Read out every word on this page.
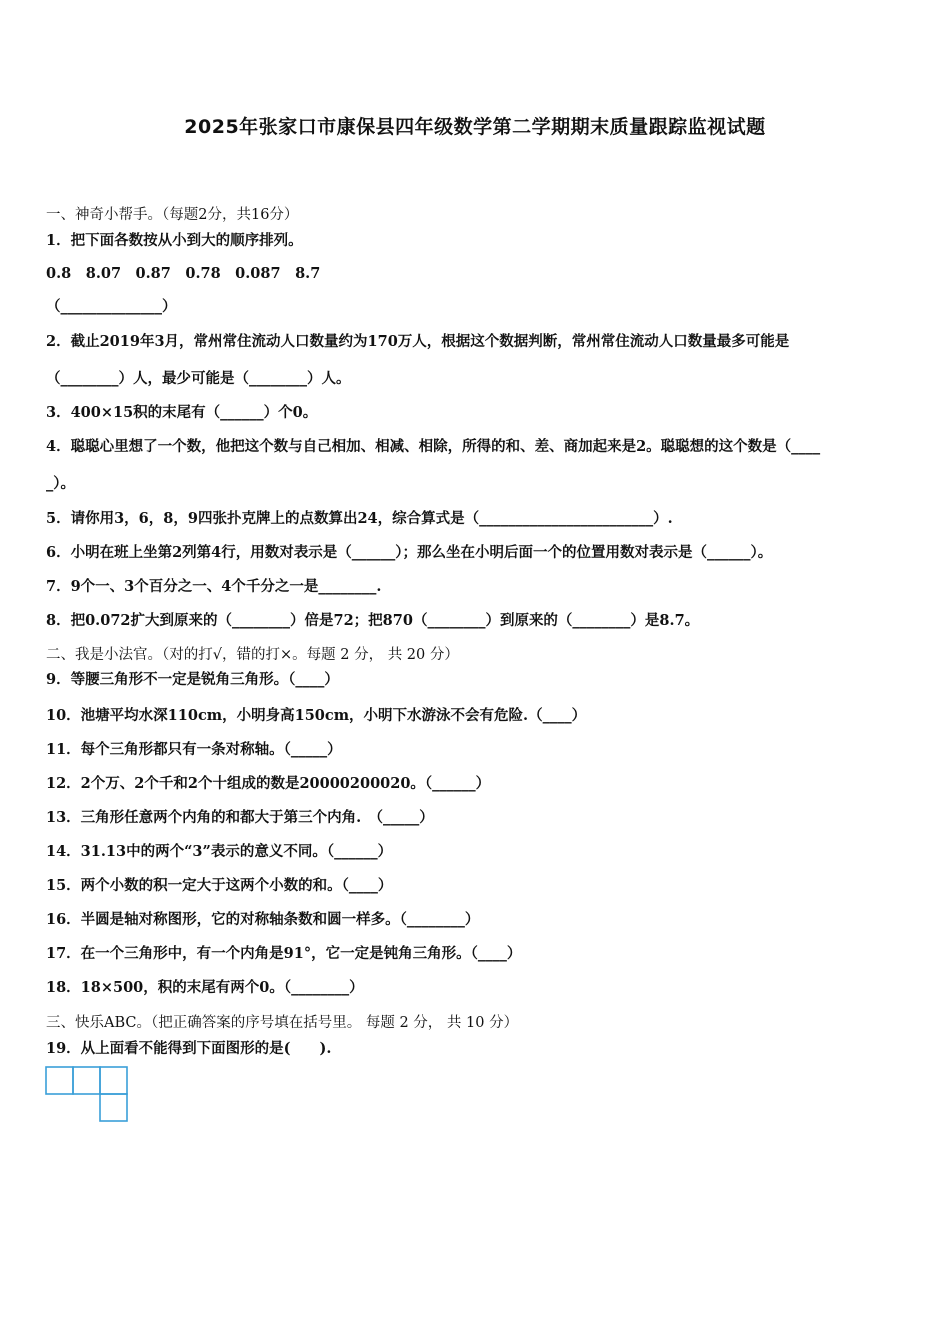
2025年张家口市康保县四年级数学第二学期期末质量跟踪监视试题
一、神奇小帮手。（每题2分，共16分）
1．把下面各数按从小到大的顺序排列。
0.8　8.07　0.87　0.78　0.087　8.7
（______________）
2．截止2019年3月，常州常住流动人口数量约为170万人，根据这个数据判断，常州常住流动人口数量最多可能是
（________）人，最少可能是（________）人。
3．400×15积的末尾有（______）个0。
4．聪聪心里想了一个数，他把这个数与自己相加、相减、相除，所得的和、差、商加起来是2。聪聪想的这个数是（____
_）。
5．请你用3，6，8，9四张扑克牌上的点数算出24，综合算式是（________________________）.
6．小明在班上坐第2列第4行，用数对表示是（______）；那么坐在小明后面一个的位置用数对表示是（______）。
7．9个一、3个百分之一、4个千分之一是________.
8．把0.072扩大到原来的（________）倍是72；把870（________）到原来的（________）是8.7。
二、我是小法官。（对的打√，错的打×。每题 2 分， 共 20 分）
9．等腰三角形不一定是锐角三角形。（____）
10．池塘平均水深110cm，小明身高150cm，小明下水游泳不会有危险.（____）
11．每个三角形都只有一条对称轴。（_____）
12．2个万、2个千和2个十组成的数是20000200020。（______）
13．三角形任意两个内角的和都大于第三个内角.　（_____）
14．31.13中的两个“3”表示的意义不同。（______）
15．两个小数的积一定大于这两个小数的和。（____）
16．半圆是轴对称图形，它的对称轴条数和圆一样多。（________）
17．在一个三角形中，有一个内角是91°，它一定是钝角三角形。（____）
18．18×500，积的末尾有两个0。（________）
三、快乐ABC。（把正确答案的序号填在括号里。 每题 2 分， 共 10 分）
19．从上面看不能得到下面图形的是(　　).
